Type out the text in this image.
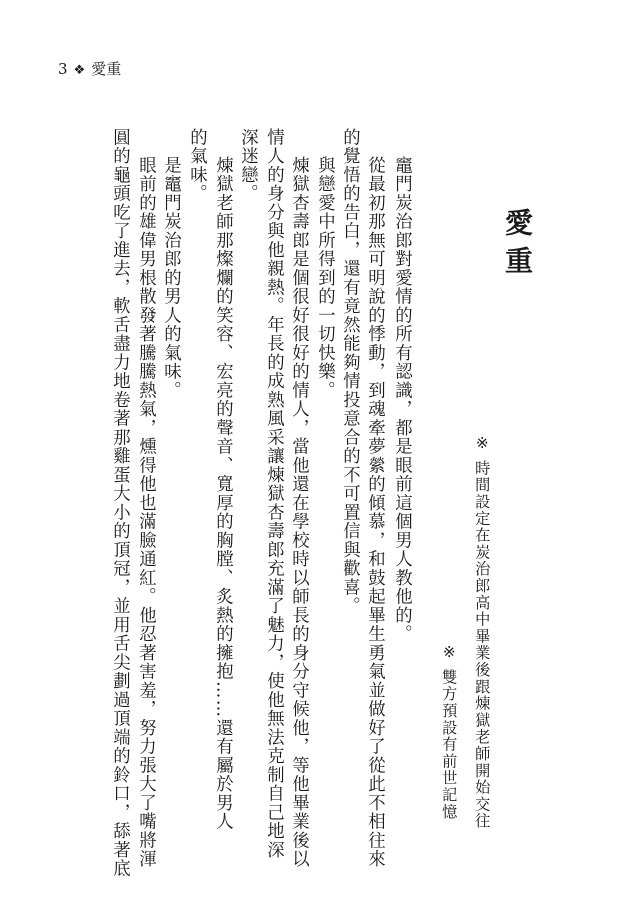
3 ❖ 愛重
愛重
※ 時間設定在炭治郎高中畢業後跟煉獄老師開始交往
※ 雙方預設有前世記憶
竈門炭治郎對愛情的所有認識，都是眼前這個男人教他的。
從最初那無可明說的悸動，到魂牽夢縈的傾慕，和鼓起畢生勇氣並做好了從此不相往來
的覺悟的告白，還有竟然能夠情投意合的不可置信與歡喜。
與戀愛中所得到的一切快樂。
煉獄杏壽郎是個很好很好的情人，當他還在學校時以師長的身分守候他，等他畢業後以
情人的身分與他親熱。年長的成熟風采讓煉獄杏壽郎充滿了魅力，使他無法克制自己地深
深迷戀。
煉獄老師那燦爛的笑容、宏亮的聲音、寬厚的胸膛、炙熱的擁抱……還有屬於男人
的氣味。
是竈門炭治郎的男人的氣味。
眼前的雄偉男根散發著騰騰熱氣，燻得他也滿臉通紅。他忍著害羞，努力張大了嘴將渾
圓的龜頭吃了進去，軟舌盡力地卷著那雞蛋大小的頂冠，並用舌尖劃過頂端的鈴口，舔著底
